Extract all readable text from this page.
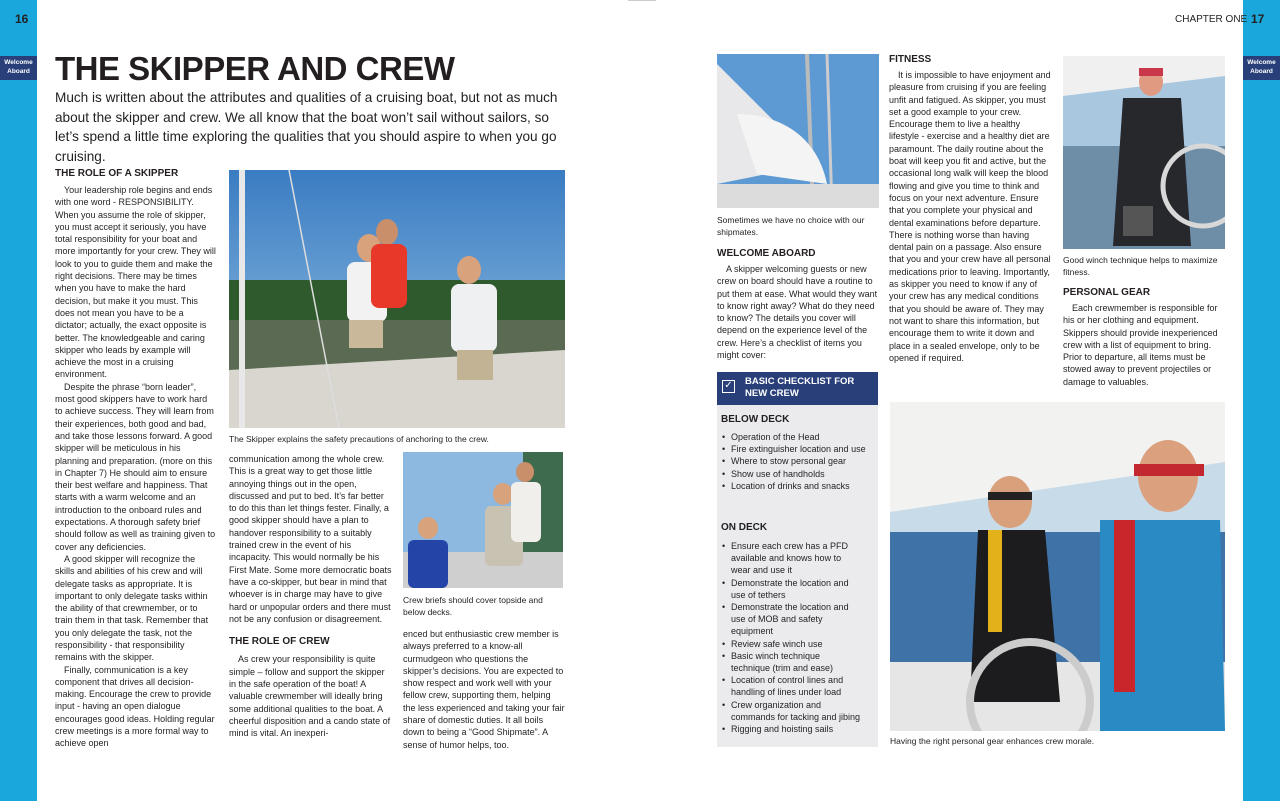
Welcome
Aboard
Welcome
Aboard
16	17
CHAPTER ONE
THE SKIPPER AND CREW
Much is written about the attributes and qualities of a cruising boat, but not as much about the skipper and crew. We all know that the boat won’t sail without sailors, so let’s spend a little time exploring the qualities that you should aspire to when you go cruising.
THE ROLE OF A SKIPPER

Your leadership role begins and ends with one word - RESPONSIBILITY. When you assume the role of skipper, you must accept it seriously, you have total responsibility for your boat and more importantly for your crew. They will look to you to guide them and make the right decisions. There may be times when you have to make the hard decision, but make it you must. This does not mean you have to be a dictator; actually, the exact opposite is better. The knowledgeable and caring skipper who leads by example will achieve the most in a cruising environment.

Despite the phrase “born leader”, most good skippers have to work hard to achieve success. They will learn from their experiences, both good and bad, and take those lessons forward. A good skipper will be meticulous in his planning and preparation. (more on this in Chapter 7) He should aim to ensure their best welfare and happiness. That starts with a warm welcome and an introduction to the onboard rules and expectations. A thorough safety brief should follow as well as training given to cover any deficiencies.

A good skipper will recognize the skills and abilities of his crew and will delegate tasks as appropriate. It is important to only delegate tasks within the ability of that crewmember, or to train them in that task. Remember that you only delegate the task, not the responsibility - that responsibility remains with the skipper.

Finally, communication is a key component that drives all decision-making. Encourage the crew to provide input - having an open dialogue encourages good ideas. Holding regular crew meetings is a more formal way to achieve open

The Skipper explains the safety precautions of anchoring to the crew.

communication among the whole crew. This is a great way to get those little annoying things out in the open, discussed and put to bed. It’s far better to do this than let things fester. Finally, a good skipper should have a plan to handover responsibility to a suitably trained crew in the event of his incapacity. This would normally be his First Mate. Some more democratic boats have a co-skipper, but bear in mind that whoever is in charge may have to give hard or unpopular orders and there must not be any confusion or disagreement.

THE ROLE OF CREW

As crew your responsibility is quite simple – follow and support the skipper in the safe operation of the boat! A valuable crewmember will ideally bring some additional qualities to the boat. A cheerful disposition and a cando state of mind is vital. An inexperi-

Crew briefs should cover topside and below decks.

enced but enthusiastic crew member is always preferred to a know-all curmudgeon who questions the skipper’s decisions. You are expected to show respect and work well with your fellow crew, supporting them, helping the less experienced and taking your fair share of domestic duties. It all boils down to being a “Good Shipmate”. A sense of humor helps, too.

Sometimes we have no choice with our shipmates.
WELCOME ABOARD

A skipper welcoming guests or new crew on board should have a routine to put them at ease. What would they want to know right away? What do they need to know? The details you cover will depend on the experience level of the crew. Here’s a checklist of items you might cover:

✓ BASIC CHECKLIST FOR NEW CREW
BELOW DECK
• Operation of the Head
• Fire extinguisher location and use
• Where to stow personal gear
• Show use of handholds
• Location of drinks and snacks
ON DECK
• Ensure each crew has a PFD available and knows how to wear and use it
• Demonstrate the location and use of tethers
• Demonstrate the location and use of MOB and safety equipment
• Review safe winch use
• Basic winch technique technique (trim and ease)
• Location of control lines and handling of lines under load
• Crew organization and commands for tacking and jibing
• Rigging and hoisting sails
FITNESS

It is impossible to have enjoyment and pleasure from cruising if you are feeling unfit and fatigued. As skipper, you must set a good example to your crew. Encourage them to live a healthy lifestyle - exercise and a healthy diet are paramount. The daily routine about the boat will keep you fit and active, but the occasional long walk will keep the blood flowing and give you time to think and focus on your next adventure. Ensure that you complete your physical and dental examinations before departure. There is nothing worse than having dental pain on a passage. Also ensure that you and your crew have all personal medications prior to leaving. Importantly, as skipper you need to know if any of your crew has any medical conditions that you should be aware of. They may not want to share this information, but encourage them to write it down and place in a sealed envelope, only to be opened if required.

Good winch technique helps to maximize fitness.
PERSONAL GEAR

Each crewmember is responsible for his or her clothing and equipment. Skippers should provide inexperienced crew with a list of equipment to bring. Prior to departure, all items must be stowed away to prevent projectiles or damage to valuables.

Having the right personal gear enhances crew morale.
